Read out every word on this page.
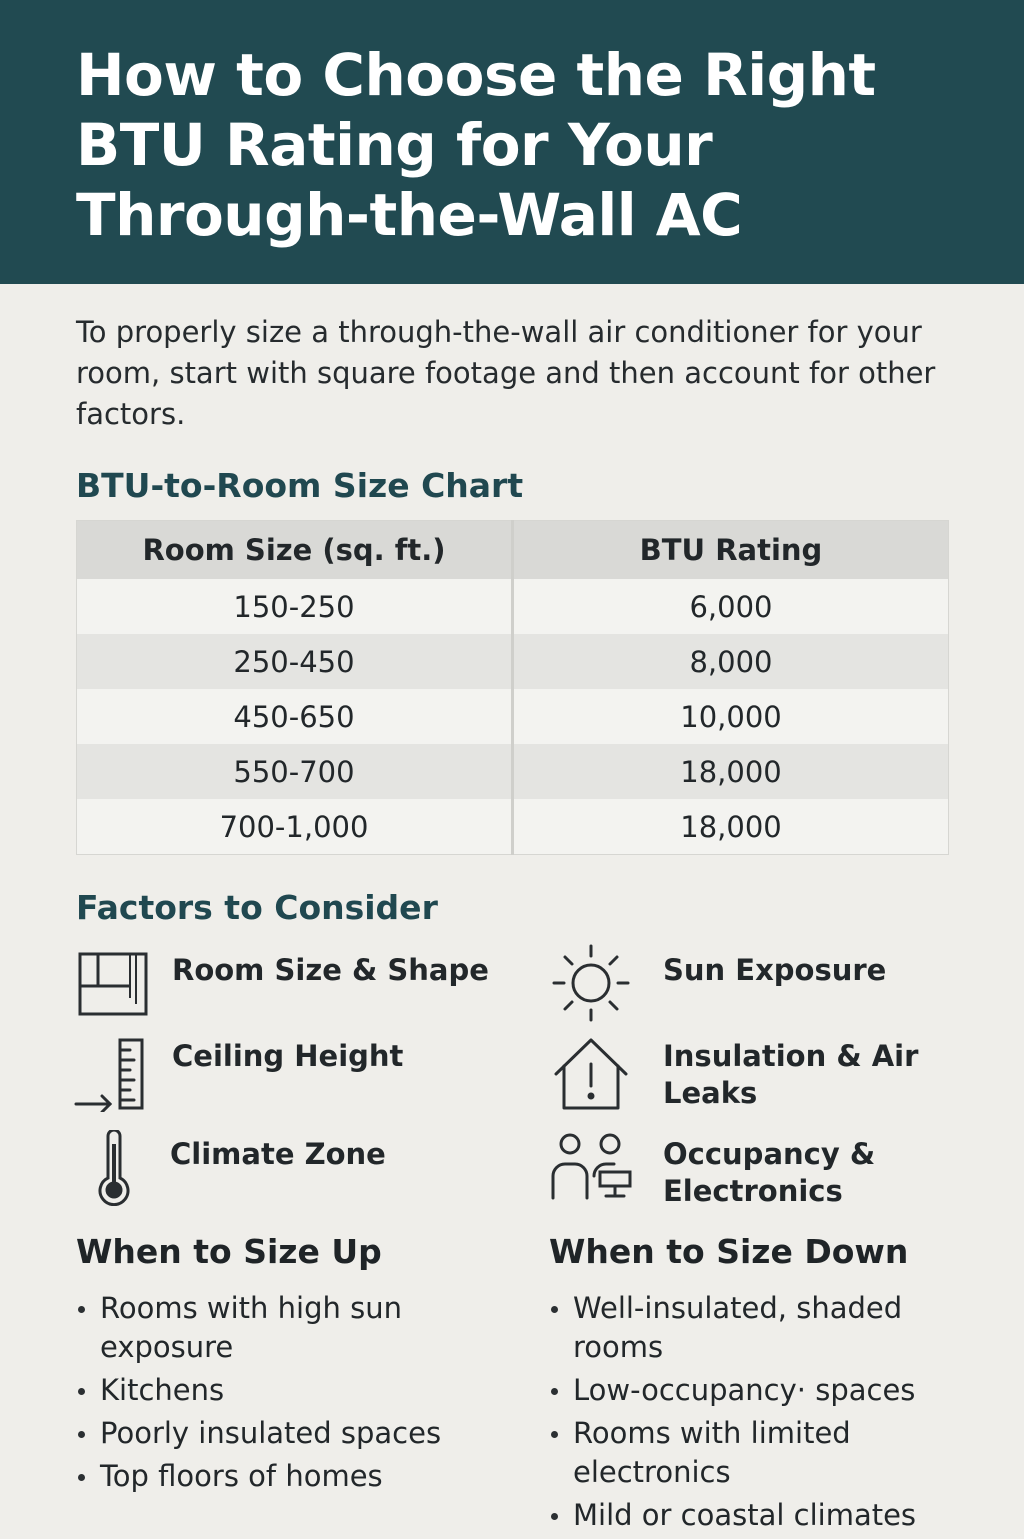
How to Choose the Right BTU Rating for Your Through-the-Wall AC

To properly size a through-the-wall air conditioner for your room, start with square footage and then account for other factors.

BTU-to-Room Size Chart
Room Size (sq. ft.)	BTU Rating
150-250	6,000
250-450	8,000
450-650	10,000
550-700	18,000
700-1,000	18,000
Factors to Consider

Room Size & Shape	Sun Exposure

Ceiling Height	Insulation & Air Leaks

Climate Zone	Occupancy & Electronics

When to Size Up
Rooms with high sun exposure
Kitchens
Poorly insulated spaces
Top floors of homes
When to Size Down
Well-insulated, shaded rooms
Low-occupancy· spaces
Rooms with limited electronics
Mild or coastal climates
